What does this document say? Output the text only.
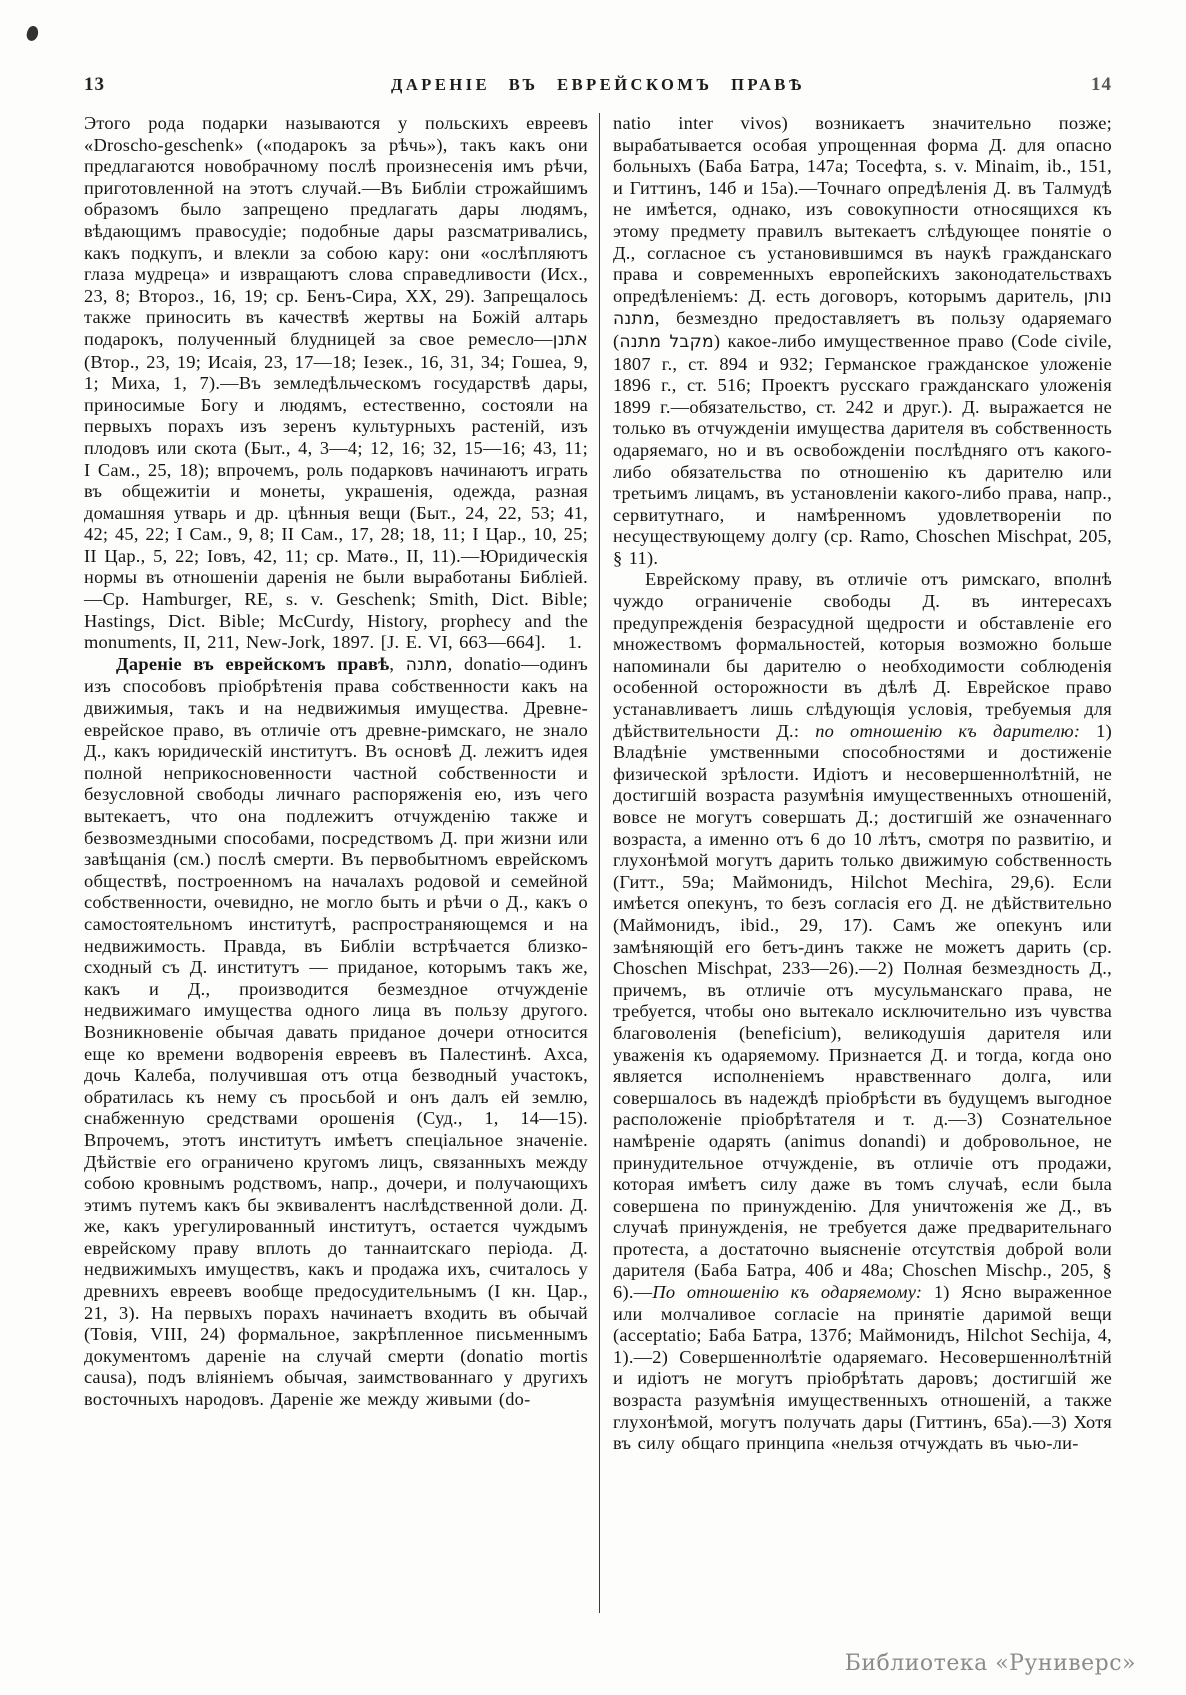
13	ДАРЕНІЕ ВЪ ЕВРЕЙСКОМЪ ПРАВѢ	14

Этого рода подарки называются у польскихъ евреевъ «Droscho-geschenk» («подарокъ за рѣчь»), такъ какъ они предлагаются новобрачному послѣ произнесенія имъ рѣчи, приготовленной на этотъ случай.—Въ Библіи строжайшимъ образомъ было запрещено предлагать дары людямъ, вѣдающимъ правосудіе; подобные дары разсматривались, какъ подкупъ, и влекли за собою кару: они «ослѣпляютъ глаза мудреца» и извращаютъ слова справедливости (Исх., 23, 8; Второз., 16, 19; ср. Бенъ-Сира, XX, 29). Запрещалось также приносить въ качествѣ жертвы на Божій алтарь подарокъ, полученный блудницей за свое ремесло—אתנן (Втор., 23, 19; Исаія, 23, 17—18; Іезек., 16, 31, 34; Гошеа, 9, 1; Миха, 1, 7).—Въ земледѣльческомъ государствѣ дары, приносимые Богу и людямъ, естественно, состояли на первыхъ порахъ изъ зеренъ культурныхъ растеній, изъ плодовъ или скота (Быт., 4, 3—4; 12, 16; 32, 15—16; 43, 11; I Сам., 25, 18); впрочемъ, роль подарковъ начинаютъ играть въ общежитіи и монеты, украшенія, одежда, разная домашняя утварь и др. цѣнныя вещи (Быт., 24, 22, 53; 41, 42; 45, 22; I Сам., 9, 8; II Сам., 17, 28; 18, 11; I Цар., 10, 25; II Цар., 5, 22; Іовъ, 42, 11; ср. Матѳ., II, 11).—Юридическія нормы въ отношеніи даренія не были выработаны Библіей.—Ср. Hamburger, RE, s. v. Geschenk; Smith, Dict. Bible; Hastings, Dict. Bible; McCurdy, History, prophecy and the monuments, II, 211, New-Jork, 1897. [J. E. VI, 663—664]. 1.

Дареніе въ еврейскомъ правѣ, מתנה, donatio—одинъ изъ способовъ пріобрѣтенія права собственности какъ на движимыя, такъ и на недвижимыя имущества. Древне-еврейское право, въ отличіе отъ древне-римскаго, не знало Д., какъ юридическій институтъ. Въ основѣ Д. лежитъ идея полной неприкосновенности частной собственности и безусловной свободы личнаго распоряженія ею, изъ чего вытекаетъ, что она подлежитъ отчужденію также и безвозмездными способами, посредствомъ Д. при жизни или завѣщанія (см.) послѣ смерти. Въ первобытномъ еврейскомъ обществѣ, построенномъ на началахъ родовой и семейной собственности, очевидно, не могло быть и рѣчи о Д., какъ о самостоятельномъ институтѣ, распространяющемся и на недвижимость. Правда, въ Библіи встрѣчается близко-сходный съ Д. институтъ — приданое, которымъ такъ же, какъ и Д., производится безмездное отчужденіе недвижимаго имущества одного лица въ пользу другого. Возникновеніе обычая давать приданое дочери относится еще ко времени водворенія евреевъ въ Палестинѣ. Ахса, дочь Калеба, получившая отъ отца безводный участокъ, обратилась къ нему съ просьбой и онъ далъ ей землю, снабженную средствами орошенія (Суд., 1, 14—15). Впрочемъ, этотъ институтъ имѣетъ спеціальное значеніе. Дѣйствіе его ограничено кругомъ лицъ, связанныхъ между собою кровнымъ родствомъ, напр., дочери, и получающихъ этимъ путемъ какъ бы эквивалентъ наслѣдственной доли. Д. же, какъ урегулированный институтъ, остается чуждымъ еврейскому праву вплоть до таннаитскаго періода. Д. недвижимыхъ имуществъ, какъ и продажа ихъ, считалось у древнихъ евреевъ вообще предосудительнымъ (I кн. Цар., 21, 3). На первыхъ порахъ начинаетъ входить въ обычай (Товія, VIII, 24) формальное, закрѣпленное письменнымъ документомъ дареніе на случай смерти (donatio mortis causa), подъ вліяніемъ обычая, заимствованнаго у другихъ восточныхъ народовъ. Дареніе же между живыми (do-

natio inter vivos) возникаетъ значительно позже; вырабатывается особая упрощенная форма Д. для опасно больныхъ (Баба Батра, 147а; Тосефта, s. v. Minaim, ib., 151, и Гиттинъ, 14б и 15а).—Точнаго опредѣленія Д. въ Талмудѣ не имѣется, однако, изъ совокупности относящихся къ этому предмету правилъ вытекаетъ слѣдующее понятіе о Д., согласное съ установившимся въ наукѣ гражданскаго права и современныхъ европейскихъ законодательствахъ опредѣленіемъ: Д. есть договоръ, которымъ даритель, נותן מתנה, безмездно предоставляетъ въ пользу одаряемаго (מקבל מתנה) какое-либо имущественное право (Code civile, 1807 г., ст. 894 и 932; Германское гражданское уложеніе 1896 г., ст. 516; Проектъ русскаго гражданскаго уложенія 1899 г.—обязательство, ст. 242 и друг.). Д. выражается не только въ отчужденіи имущества дарителя въ собственность одаряемаго, но и въ освобожденіи послѣдняго отъ какого-либо обязательства по отношенію къ дарителю или третьимъ лицамъ, въ установленіи какого-либо права, напр., сервитутнаго, и намѣренномъ удовлетвореніи по несуществующему долгу (ср. Ramo, Choschen Mischpat, 205, § 11).

Еврейскому праву, въ отличіе отъ римскаго, вполнѣ чуждо ограниченіе свободы Д. въ интересахъ предупрежденія безрасудной щедрости и обставленіе его множествомъ формальностей, которыя возможно больше напоминали бы дарителю о необходимости соблюденія особенной осторожности въ дѣлѣ Д. Еврейское право устанавливаетъ лишь слѣдующія условія, требуемыя для дѣйствительности Д.: по отношенію къ дарителю: 1) Владѣніе умственными способностями и достиженіе физической зрѣлости. Идіотъ и несовершеннолѣтній, не достигшій возраста разумѣнія имущественныхъ отношеній, вовсе не могутъ совершать Д.; достигшій же означеннаго возраста, а именно отъ 6 до 10 лѣтъ, смотря по развитію, и глухонѣмой могутъ дарить только движимую собственность (Гитт., 59а; Маймонидъ, Hilchot Mechira, 29,6). Если имѣется опекунъ, то безъ согласія его Д. не дѣйствительно (Маймонидъ, ibid., 29, 17). Самъ же опекунъ или замѣняющій его бетъ-динъ также не можетъ дарить (ср. Choschen Mischpat, 233—26).—2) Полная безмездность Д., причемъ, въ отличіе отъ мусульманскаго права, не требуется, чтобы оно вытекало исключительно изъ чувства благоволенія (beneficium), великодушія дарителя или уваженія къ одаряемому. Признается Д. и тогда, когда оно является исполненіемъ нравственнаго долга, или совершалось въ надеждѣ пріобрѣсти въ будущемъ выгодное расположеніе пріобрѣтателя и т. д.—3) Сознательное намѣреніе одарять (animus donandi) и добровольное, не принудительное отчужденіе, въ отличіе отъ продажи, которая имѣетъ силу даже въ томъ случаѣ, если была совершена по принужденію. Для уничтоженія же Д., въ случаѣ принужденія, не требуется даже предварительнаго протеста, а достаточно выясненіе отсутствія доброй воли дарителя (Баба Батра, 40б и 48а; Choschen Mischp., 205, § 6).—По отношенію къ одаряемому: 1) Ясно выраженное или молчаливое согласіе на принятіе даримой вещи (acceptatio; Баба Батра, 137б; Маймонидъ, Hilchot Sechija, 4, 1).—2) Совершеннолѣтіе одаряемаго. Несовершеннолѣтній и идіотъ не могутъ пріобрѣтать даровъ; достигшій же возраста разумѣнія имущественныхъ отношеній, а также глухонѣмой, могутъ получать дары (Гиттинъ, 65а).—3) Хотя въ силу общаго принципа «нельзя отчуждать въ чью-ли-

Библиотека «Руниверс»
